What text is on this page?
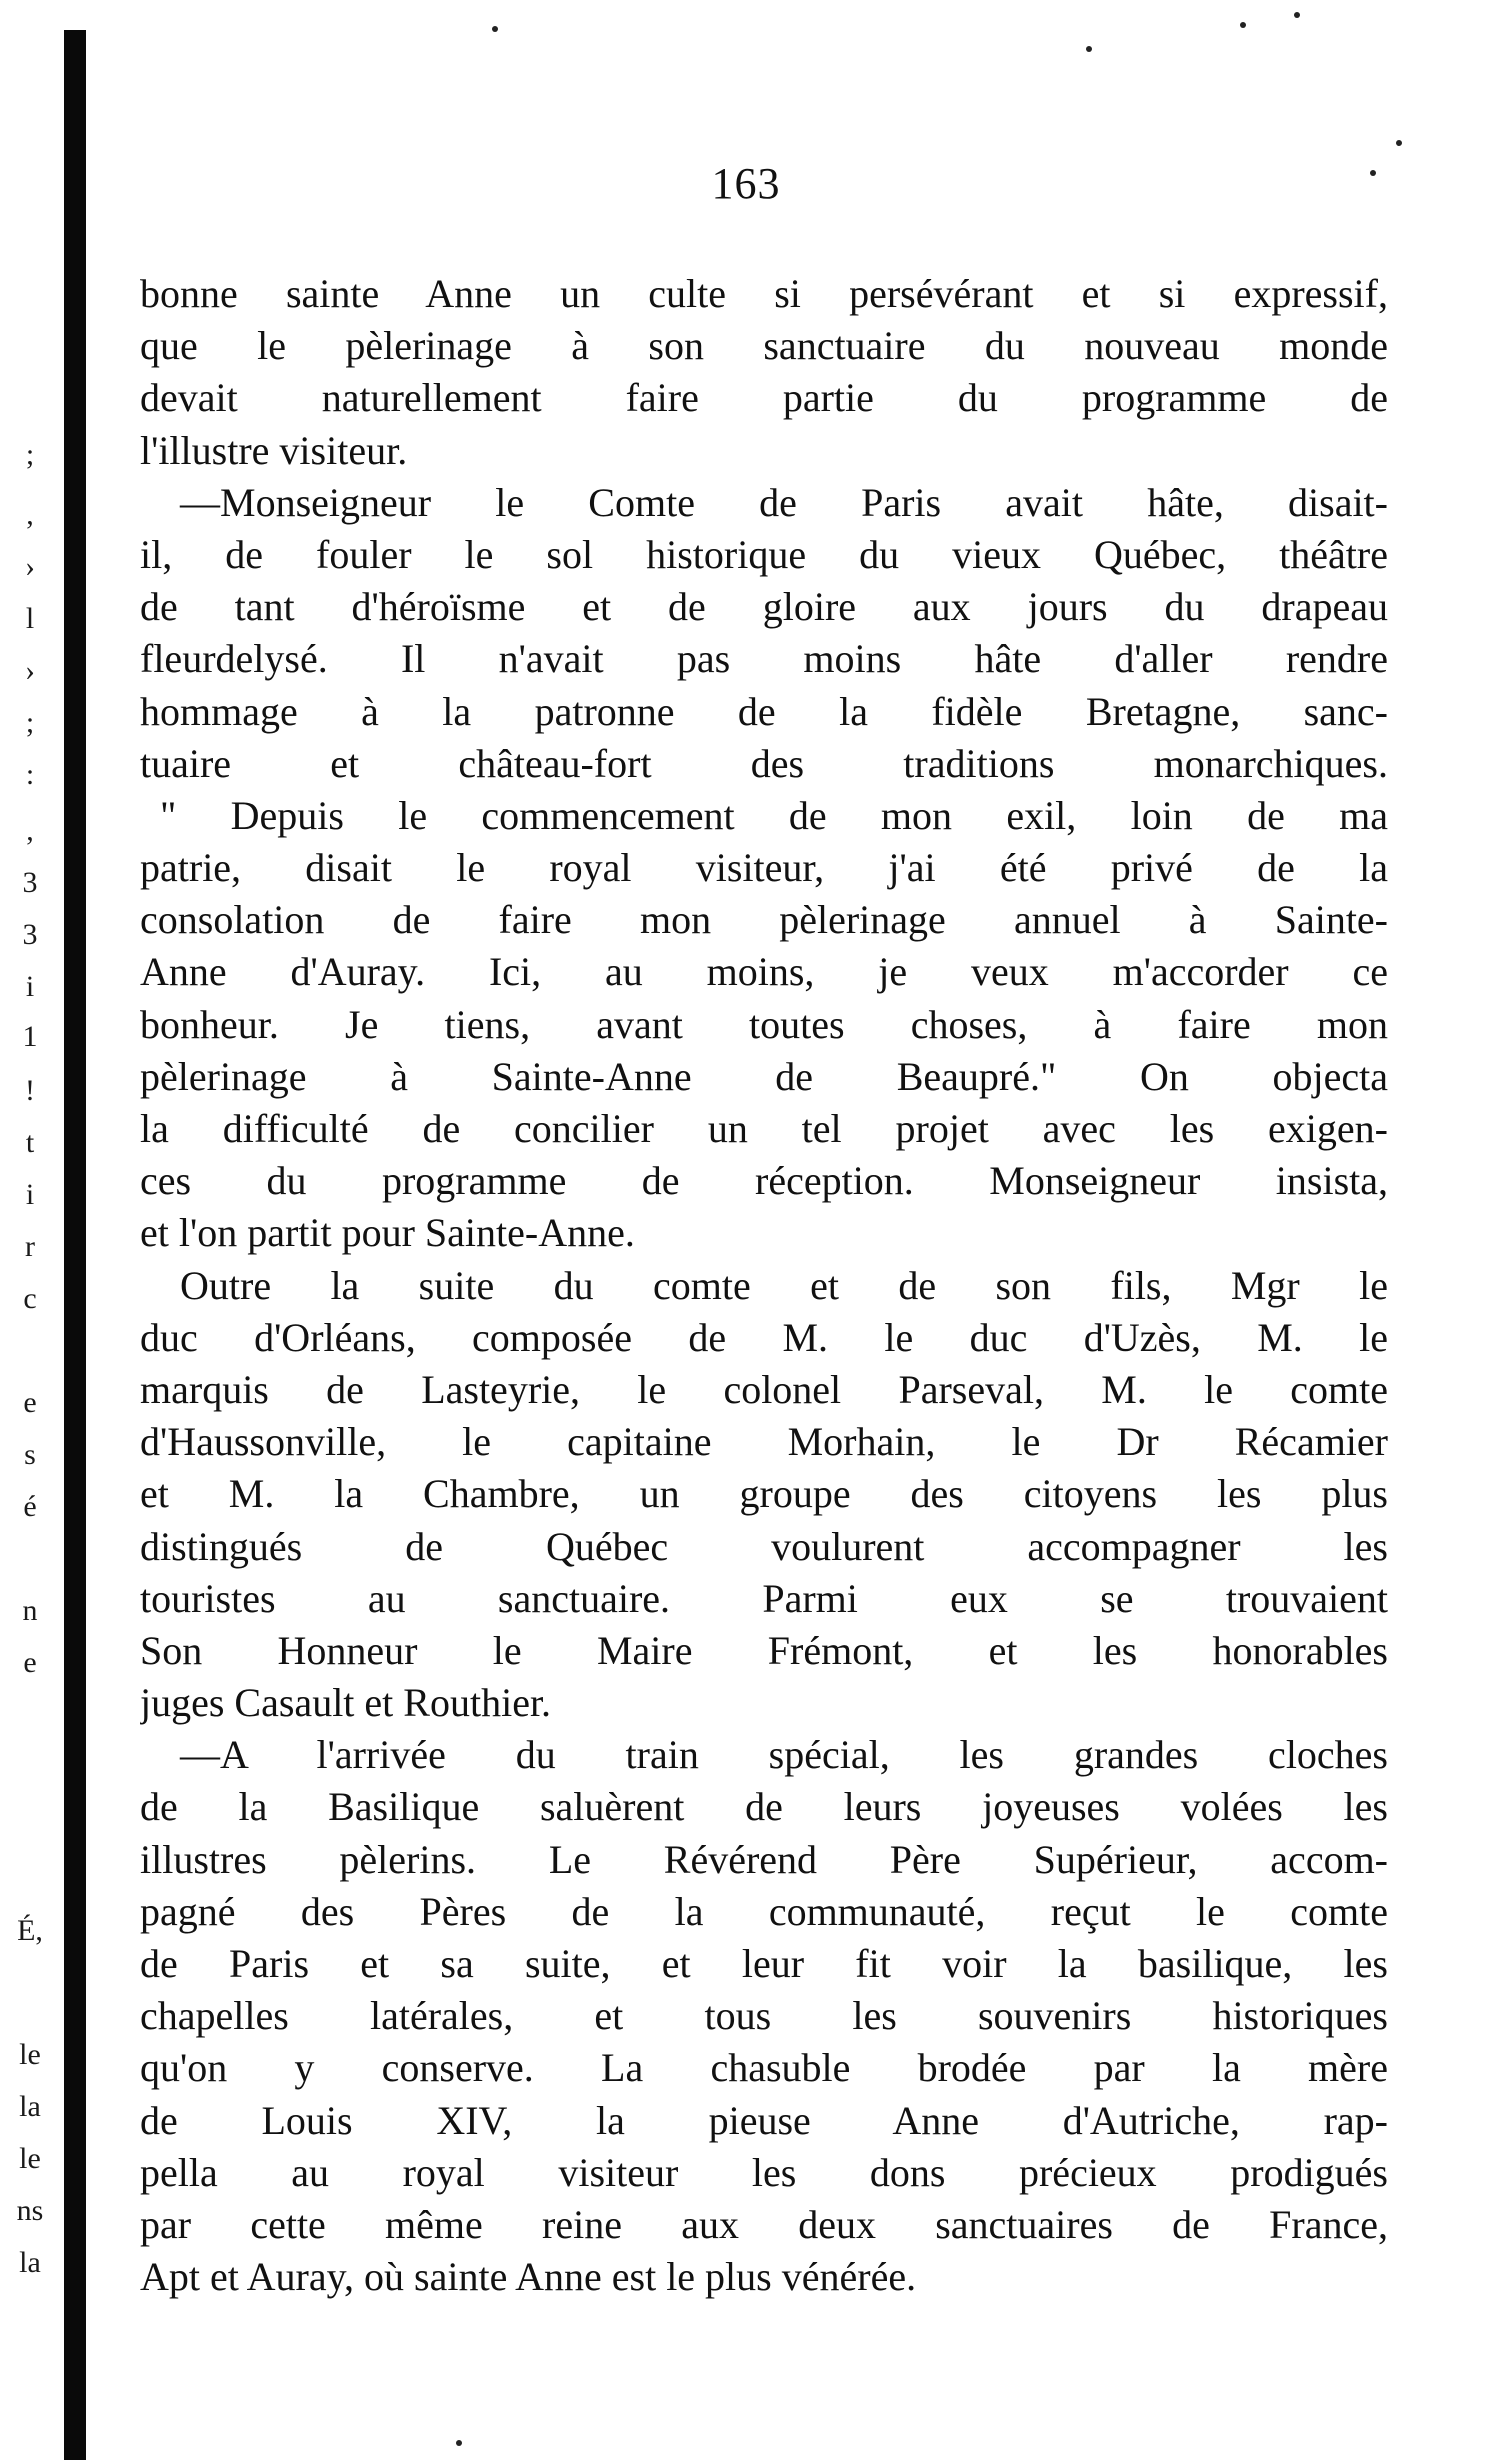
;
,
›
l
›
;
:
,
3
3
i
1
!
t
i
r
c
e
s
é
n
e
É,
le
la
le
ns
la
163
bonne sainte Anne un culte si persévérant et si expressif,
que le pèlerinage à son sanctuaire du nouveau monde
devait naturellement faire partie du programme de
l'illustre visiteur.
—Monseigneur le Comte de Paris avait hâte, disait-
il, de fouler le sol historique du vieux Québec, théâtre
de tant d'héroïsme et de gloire aux jours du drapeau
fleurdelysé. Il n'avait pas moins hâte d'aller rendre
hommage à la patronne de la fidèle Bretagne, sanc-
tuaire et château-fort des traditions monarchiques.
" Depuis le commencement de mon exil, loin de ma
patrie, disait le royal visiteur, j'ai été privé de la
consolation de faire mon pèlerinage annuel à Sainte-
Anne d'Auray. Ici, au moins, je veux m'accorder ce
bonheur. Je tiens, avant toutes choses, à faire mon
pèlerinage à Sainte-Anne de Beaupré." On objecta
la difficulté de concilier un tel projet avec les exigen-
ces du programme de réception. Monseigneur insista,
et l'on partit pour Sainte-Anne.
Outre la suite du comte et de son fils, Mgr le
duc d'Orléans, composée de M. le duc d'Uzès, M. le
marquis de Lasteyrie, le colonel Parseval, M. le comte
d'Haussonville, le capitaine Morhain, le Dr Récamier
et M. la Chambre, un groupe des citoyens les plus
distingués de Québec voulurent accompagner les
touristes au sanctuaire. Parmi eux se trouvaient
Son Honneur le Maire Frémont, et les honorables
juges Casault et Routhier.
—A l'arrivée du train spécial, les grandes cloches
de la Basilique saluèrent de leurs joyeuses volées les
illustres pèlerins. Le Révérend Père Supérieur, accom-
pagné des Pères de la communauté, reçut le comte
de Paris et sa suite, et leur fit voir la basilique, les
chapelles latérales, et tous les souvenirs historiques
qu'on y conserve. La chasuble brodée par la mère
de Louis XIV, la pieuse Anne d'Autriche, rap-
pella au royal visiteur les dons précieux prodigués
par cette même reine aux deux sanctuaires de France,
Apt et Auray, où sainte Anne est le plus vénérée.
